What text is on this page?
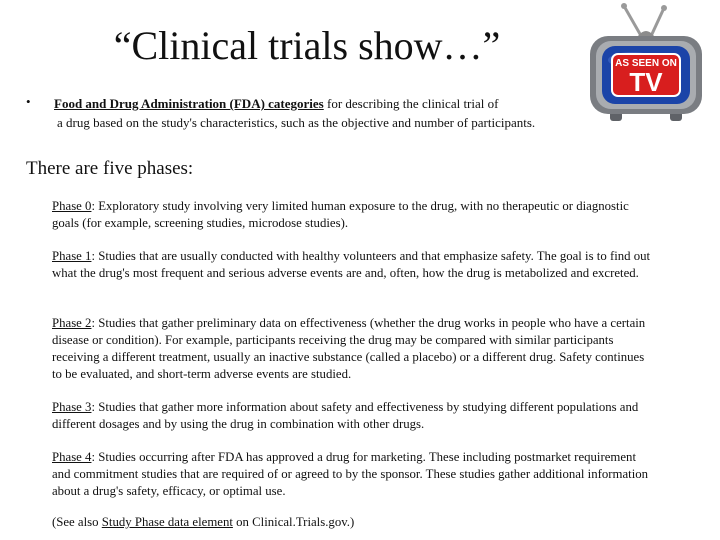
“Clinical trials show…”
• Food and Drug Administration (FDA) categories for describing the clinical trial of
a drug based on the study's characteristics, such as the objective and number of participants.

There are five phases:

Phase 0: Exploratory study involving very limited human exposure to the drug, with no therapeutic or diagnostic goals (for example, screening studies, microdose studies).

Phase 1: Studies that are usually conducted with healthy volunteers and that emphasize safety. The goal is to find out what the drug's most frequent and serious adverse events are and, often, how the drug is metabolized and excreted.

Phase 2: Studies that gather preliminary data on effectiveness (whether the drug works in people who have a certain disease or condition). For example, participants receiving the drug may be compared with similar participants receiving a different treatment, usually an inactive substance (called a placebo) or a different drug. Safety continues to be evaluated, and short-term adverse events are studied.

Phase 3: Studies that gather more information about safety and effectiveness by studying different populations and different dosages and by using the drug in combination with other drugs.

Phase 4: Studies occurring after FDA has approved a drug for marketing. These including postmarket requirement and commitment studies that are required of or agreed to by the sponsor. These studies gather additional information about a drug's safety, efficacy, or optimal use.

(See also Study Phase data element on Clinical.Trials.gov.)

AS SEEN ON
TV
